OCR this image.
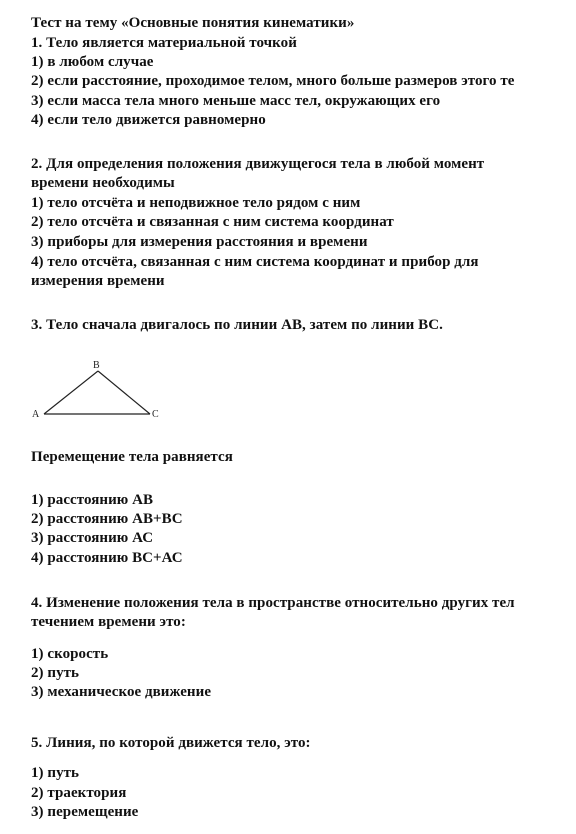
Тест на тему «Основные понятия кинематики»
1. Тело является материальной точкой
1) в любом случае
2) если расстояние, проходимое телом, много больше размеров этого те
3) если масса тела много меньше масс тел, окружающих его
4) если тело движется равномерно
2. Для определения положения движущегося тела в любой момент
времени необходимы
1) тело отсчёта и неподвижное тело рядом с ним
2) тело отсчёта и связанная с ним система координат
3) приборы для измерения расстояния и времени
4) тело отсчёта, связанная с ним система координат и прибор для
измерения времени
3. Тело сначала двигалось по линии АВ, затем по линии ВС.
A
B
C
Перемещение тела равняется
1) расстоянию АВ
2) расстоянию АВ+ВС
3) расстоянию АС
4) расстоянию ВС+АС
4. Изменение положения тела в пространстве относительно других тел
течением времени это:
1) скорость
2) путь
3) механическое движение
5. Линия, по которой движется тело, это:
1) путь
2) траектория
3) перемещение
